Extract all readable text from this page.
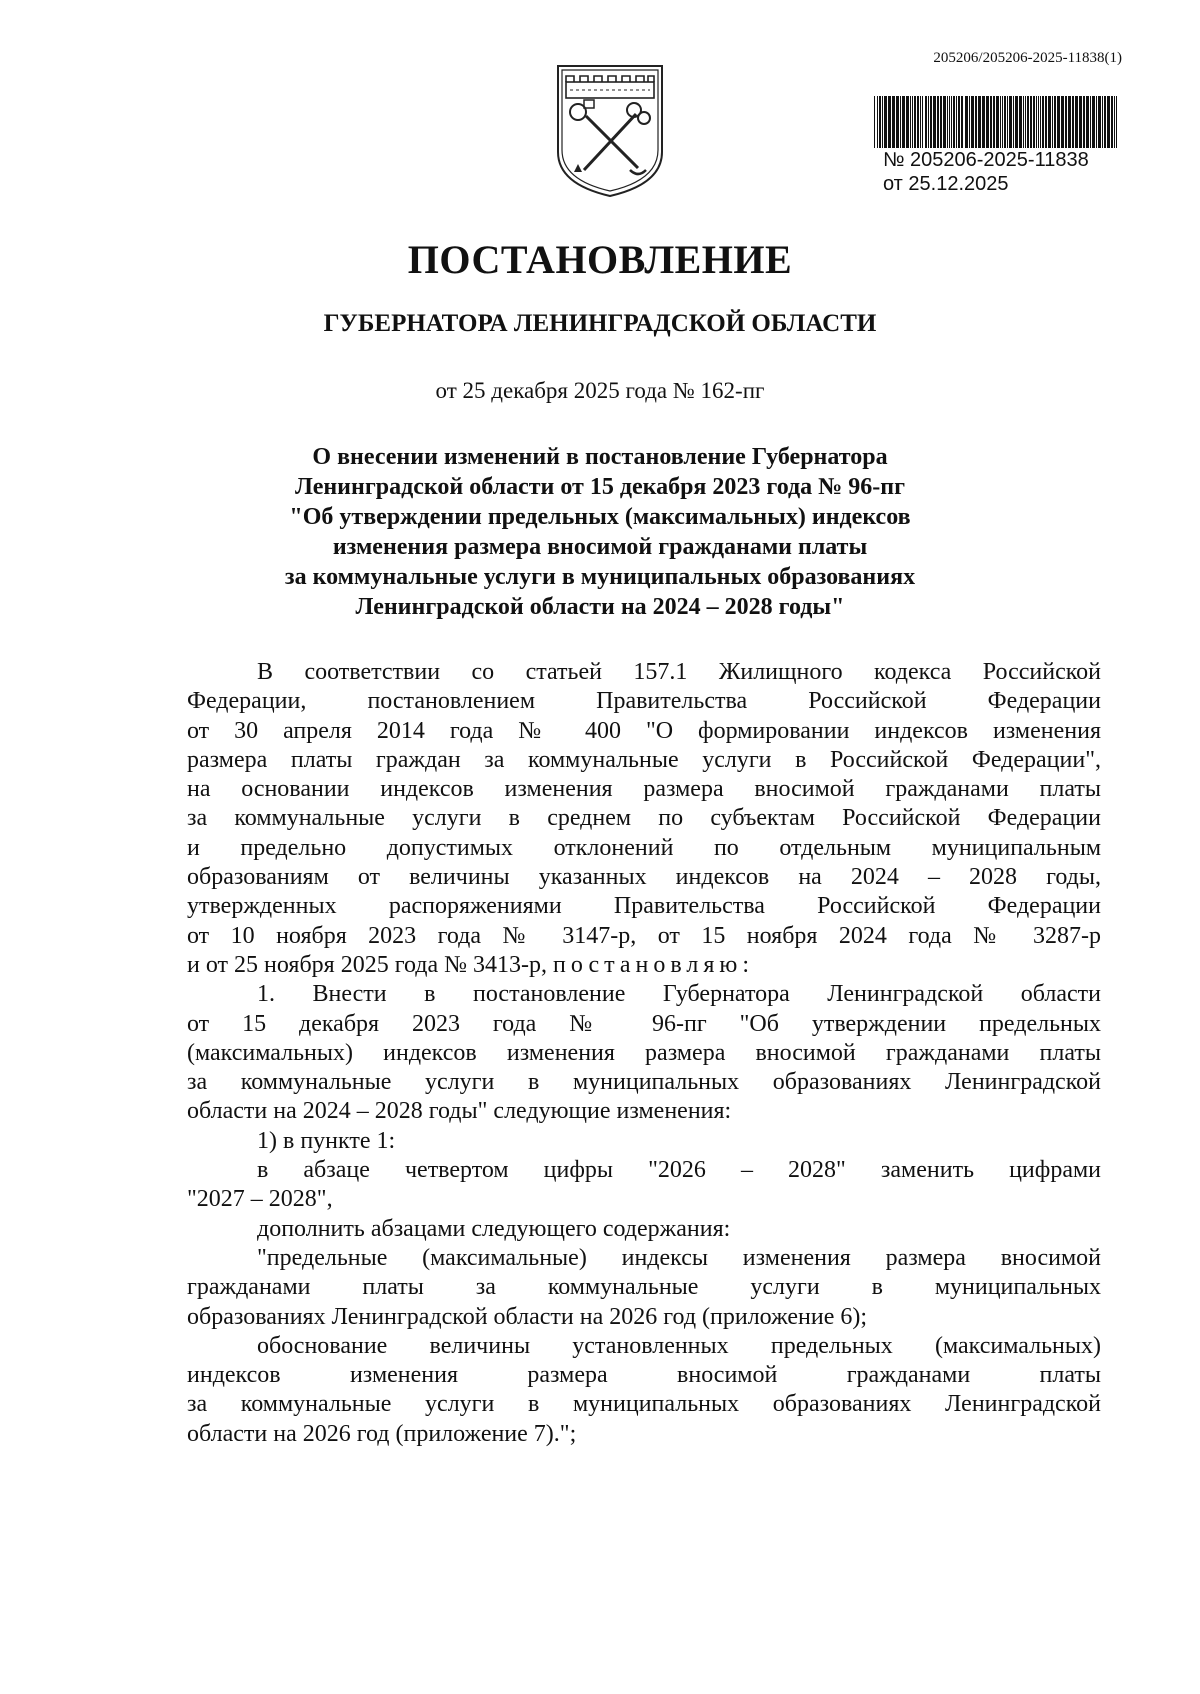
205206/205206-2025-11838(1)
№ 205206-2025-11838
от 25.12.2025
ПОСТАНОВЛЕНИЕ
ГУБЕРНАТОРА ЛЕНИНГРАДСКОЙ ОБЛАСТИ
от 25 декабря 2025 года № 162-пг
О внесении изменений в постановление Губернатора
Ленинградской области от 15 декабря 2023 года № 96-пг
"Об утверждении предельных (максимальных) индексов
изменения размера вносимой гражданами платы
за коммунальные услуги в муниципальных образованиях
Ленинградской области на 2024 – 2028 годы"
В соответствии со статьей 157.1 Жилищного кодекса Российской
Федерации, постановлением Правительства Российской Федерации
от 30 апреля 2014 года № 400 "О формировании индексов изменения
размера платы граждан за коммунальные услуги в Российской Федерации",
на основании индексов изменения размера вносимой гражданами платы
за коммунальные услуги в среднем по субъектам Российской Федерации
и предельно допустимых отклонений по отдельным муниципальным
образованиям от величины указанных индексов на 2024 – 2028 годы,
утвержденных распоряжениями Правительства Российской Федерации
от 10 ноября 2023 года № 3147-р, от 15 ноября 2024 года № 3287-р
и от 25 ноября 2025 года № 3413-р, постановляю:
1. Внести в постановление Губернатора Ленинградской области
от 15 декабря 2023 года № 96-пг "Об утверждении предельных
(максимальных) индексов изменения размера вносимой гражданами платы
за коммунальные услуги в муниципальных образованиях Ленинградской
области на 2024 – 2028 годы" следующие изменения:
1) в пункте 1:
в абзаце четвертом цифры "2026 – 2028" заменить цифрами
"2027 – 2028",
дополнить абзацами следующего содержания:
"предельные (максимальные) индексы изменения размера вносимой
гражданами платы за коммунальные услуги в муниципальных
образованиях Ленинградской области на 2026 год (приложение 6);
обоснование величины установленных предельных (максимальных)
индексов изменения размера вносимой гражданами платы
за коммунальные услуги в муниципальных образованиях Ленинградской
области на 2026 год (приложение 7).";
